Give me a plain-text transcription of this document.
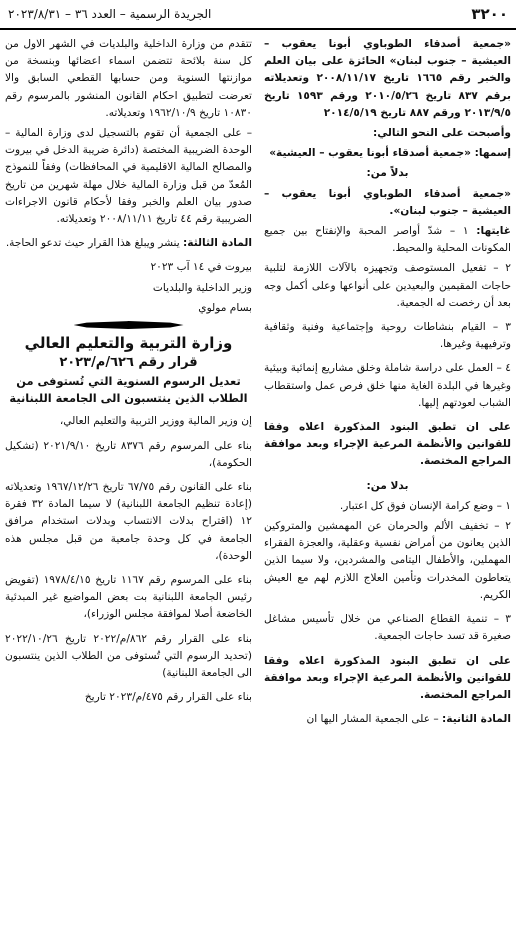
٣٢٠٠
الجريدة الرسمية – العدد ٣٦ – ٢٠٢٣/٨/٣١

«جمعية أصدقاء الطوباوي أبونا يعقوب – العيشية – جنوب لبنان» الحائزة على بيان العلم والخبر رقم ١٦٦٥ تاريخ ٢٠٠٨/١١/١٧ وتعديلاته برقم ٨٣٧ تاريخ ٢٠١٠/٥/٢٦ ورقم ١٥٩٣ تاريخ ٢٠١٣/٩/٥ ورقم ٨٨٧ تاريخ ٢٠١٤/٥/١٩

وأصبحت على النحو التالي:

إسمها: «جمعية أصدقاء أبونا يعقوب – العيشية»

بدلاً من:

«جمعية أصدقاء الطوباوي أبونا يعقوب – العيشية – جنوب لبنان».

غايتها: ١ – شدّ أواصر المحبة والإنفتاح بين جميع المكونات المحلية والمحيط.

٢ – تفعيل المستوصف وتجهيزه بالآلات اللازمة لتلبية حاجات المقيمين والبعيدين على أنواعها وعلى أكمل وجه بعد أن رخصت له الجمعية.

٣ – القيام بنشاطات روحية وإجتماعية وفنية وثقافية وترفيهية وغيرها.

٤ – العمل على دراسة شاملة وخلق مشاريع إنمائية وبيئية وغيرها في البلدة الغاية منها خلق فرص عمل واستقطاب الشباب لعودتهم إليها.

على ان تطبق البنود المذكورة اعلاه وفقا للقوانين والأنظمة المرعية الإجراء وبعد موافقة المراجع المختصة.

بدلا من:

١ – وضع كرامة الإنسان فوق كل اعتبار.

٢ – تخفيف الألم والحرمان عن المهمشين والمتروكين الذين يعانون من أمراض نفسية وعقلية، والعجزة الفقراء المهملين، والأطفال اليتامى والمشردين، ولا سيما الذين يتعاطون المخدرات وتأمين العلاج اللازم لهم مع العيش الكريم.

٣ – تنمية القطاع الصناعي من خلال تأسيس مشاغل صغيرة قد تسد حاجات الجمعية.

على ان تطبق البنود المذكورة اعلاه وفقا للقوانين والأنظمة المرعية الإجراء وبعد موافقة المراجع المختصة.

المادة الثانية: – على الجمعية المشار اليها ان

تتقدم من وزارة الداخلية والبلديات في الشهر الاول من كل سنة بلائحة تتضمن اسماء اعضائها وبنسخة من موازنتها السنوية ومن حسابها القطعي السابق والا تعرضت لتطبيق احكام القانون المنشور بالمرسوم رقم ١٠٨٣٠ تاريخ ١٩٦٢/١٠/٩ وتعديلاته.

– على الجمعية أن تقوم بالتسجيل لدى وزارة المالية – الوحدة الضريبية المختصة (دائرة ضريبة الدخل في بيروت والمصالح المالية الاقليمية في المحافظات) وفقاً للنموذج المُعدّ من قبل وزارة المالية خلال مهلة شهرين من تاريخ صدور بيان العلم والخبر وفقا لأحكام قانون الاجراءات الضريبية رقم ٤٤ تاريخ ٢٠٠٨/١١/١١ وتعديلاته.

المادة الثالثة: ينشر ويبلغ هذا القرار حيث تدعو الحاجة.

بيروت في ١٤ آب ٢٠٢٣

وزير الداخلية والبلديات

بسام مولوي

وزارة التربية والتعليم العالي
قرار رقم ٦٢٦/م/٢٠٢٣
تعديل الرسوم السنوية التي تُستوفى من الطلاب الذين ينتسبون الى الجامعة اللبنانية

إن وزير المالية ووزير التربية والتعليم العالي،

بناء على المرسوم رقم ٨٣٧٦ تاريخ ٢٠٢١/٩/١٠ (تشكيل الحكومة)،

بناء على القانون رقم ٦٧/٧٥ تاريخ ١٩٦٧/١٢/٢٦ وتعديلاته (إعادة تنظيم الجامعة اللبنانية) لا سيما المادة ٣٢ فقرة ١٢ (اقتراح بدلات الانتساب وبدلات استخدام مرافق الجامعة في كل وحدة جامعية من قبل مجلس هذه الوحدة)،

بناء على المرسوم رقم ١١٦٧ تاريخ ١٩٧٨/٤/١٥ (تفويض رئيس الجامعة اللبنانية بت بعض المواضيع غير المبدئية الخاضعة أصلا لموافقة مجلس الوزراء)،

بناء على القرار رقم ٨٦٢/م/٢٠٢٢ تاريخ ٢٠٢٢/١٠/٢٦ (تحديد الرسوم التي تُستوفى من الطلاب الذين ينتسبون الى الجامعة اللبنانية)

بناء على القرار رقم ٤٧٥/م/٢٠٢٣ تاريخ
